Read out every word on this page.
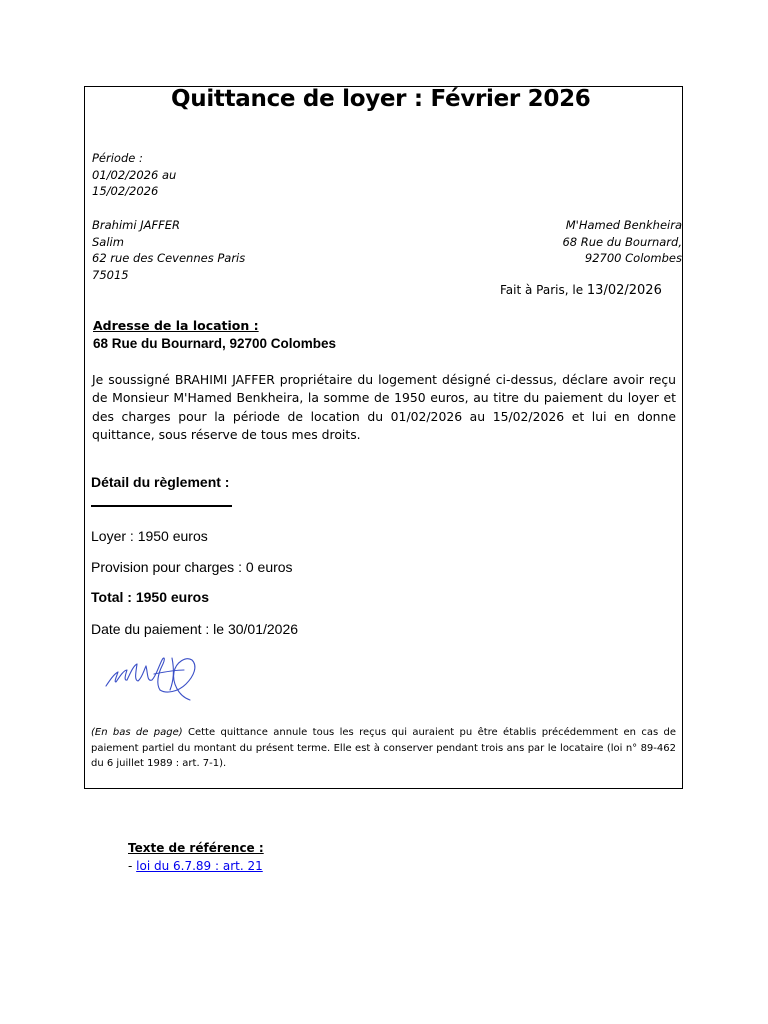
Quittance de loyer : Février 2026
Période :
01/02/2026 au
15/02/2026
Brahimi JAFFER
Salim
62 rue des Cevennes Paris
75015
M'Hamed Benkheira
68 Rue du Bournard,
92700 Colombes
Fait à Paris, le 13/02/2026
Adresse de la location :
68 Rue du Bournard, 92700 Colombes
Je soussigné BRAHIMI JAFFER propriétaire du logement désigné ci-dessus, déclare avoir reçu de Monsieur M'Hamed Benkheira, la somme de 1950 euros, au titre du paiement du loyer et des charges pour la période de location du 01/02/2026 au 15/02/2026 et lui en donne quittance, sous réserve de tous mes droits.
Détail du règlement :
Loyer : 1950 euros
Provision pour charges : 0 euros
Total : 1950 euros
Date du paiement : le 30/01/2026
(En bas de page) Cette quittance annule tous les reçus qui auraient pu être établis précédemment en cas de paiement partiel du montant du présent terme. Elle est à conserver pendant trois ans par le locataire (loi n° 89-462 du 6 juillet 1989 : art. 7-1).
Texte de référence :
- loi du 6.7.89 : art. 21
